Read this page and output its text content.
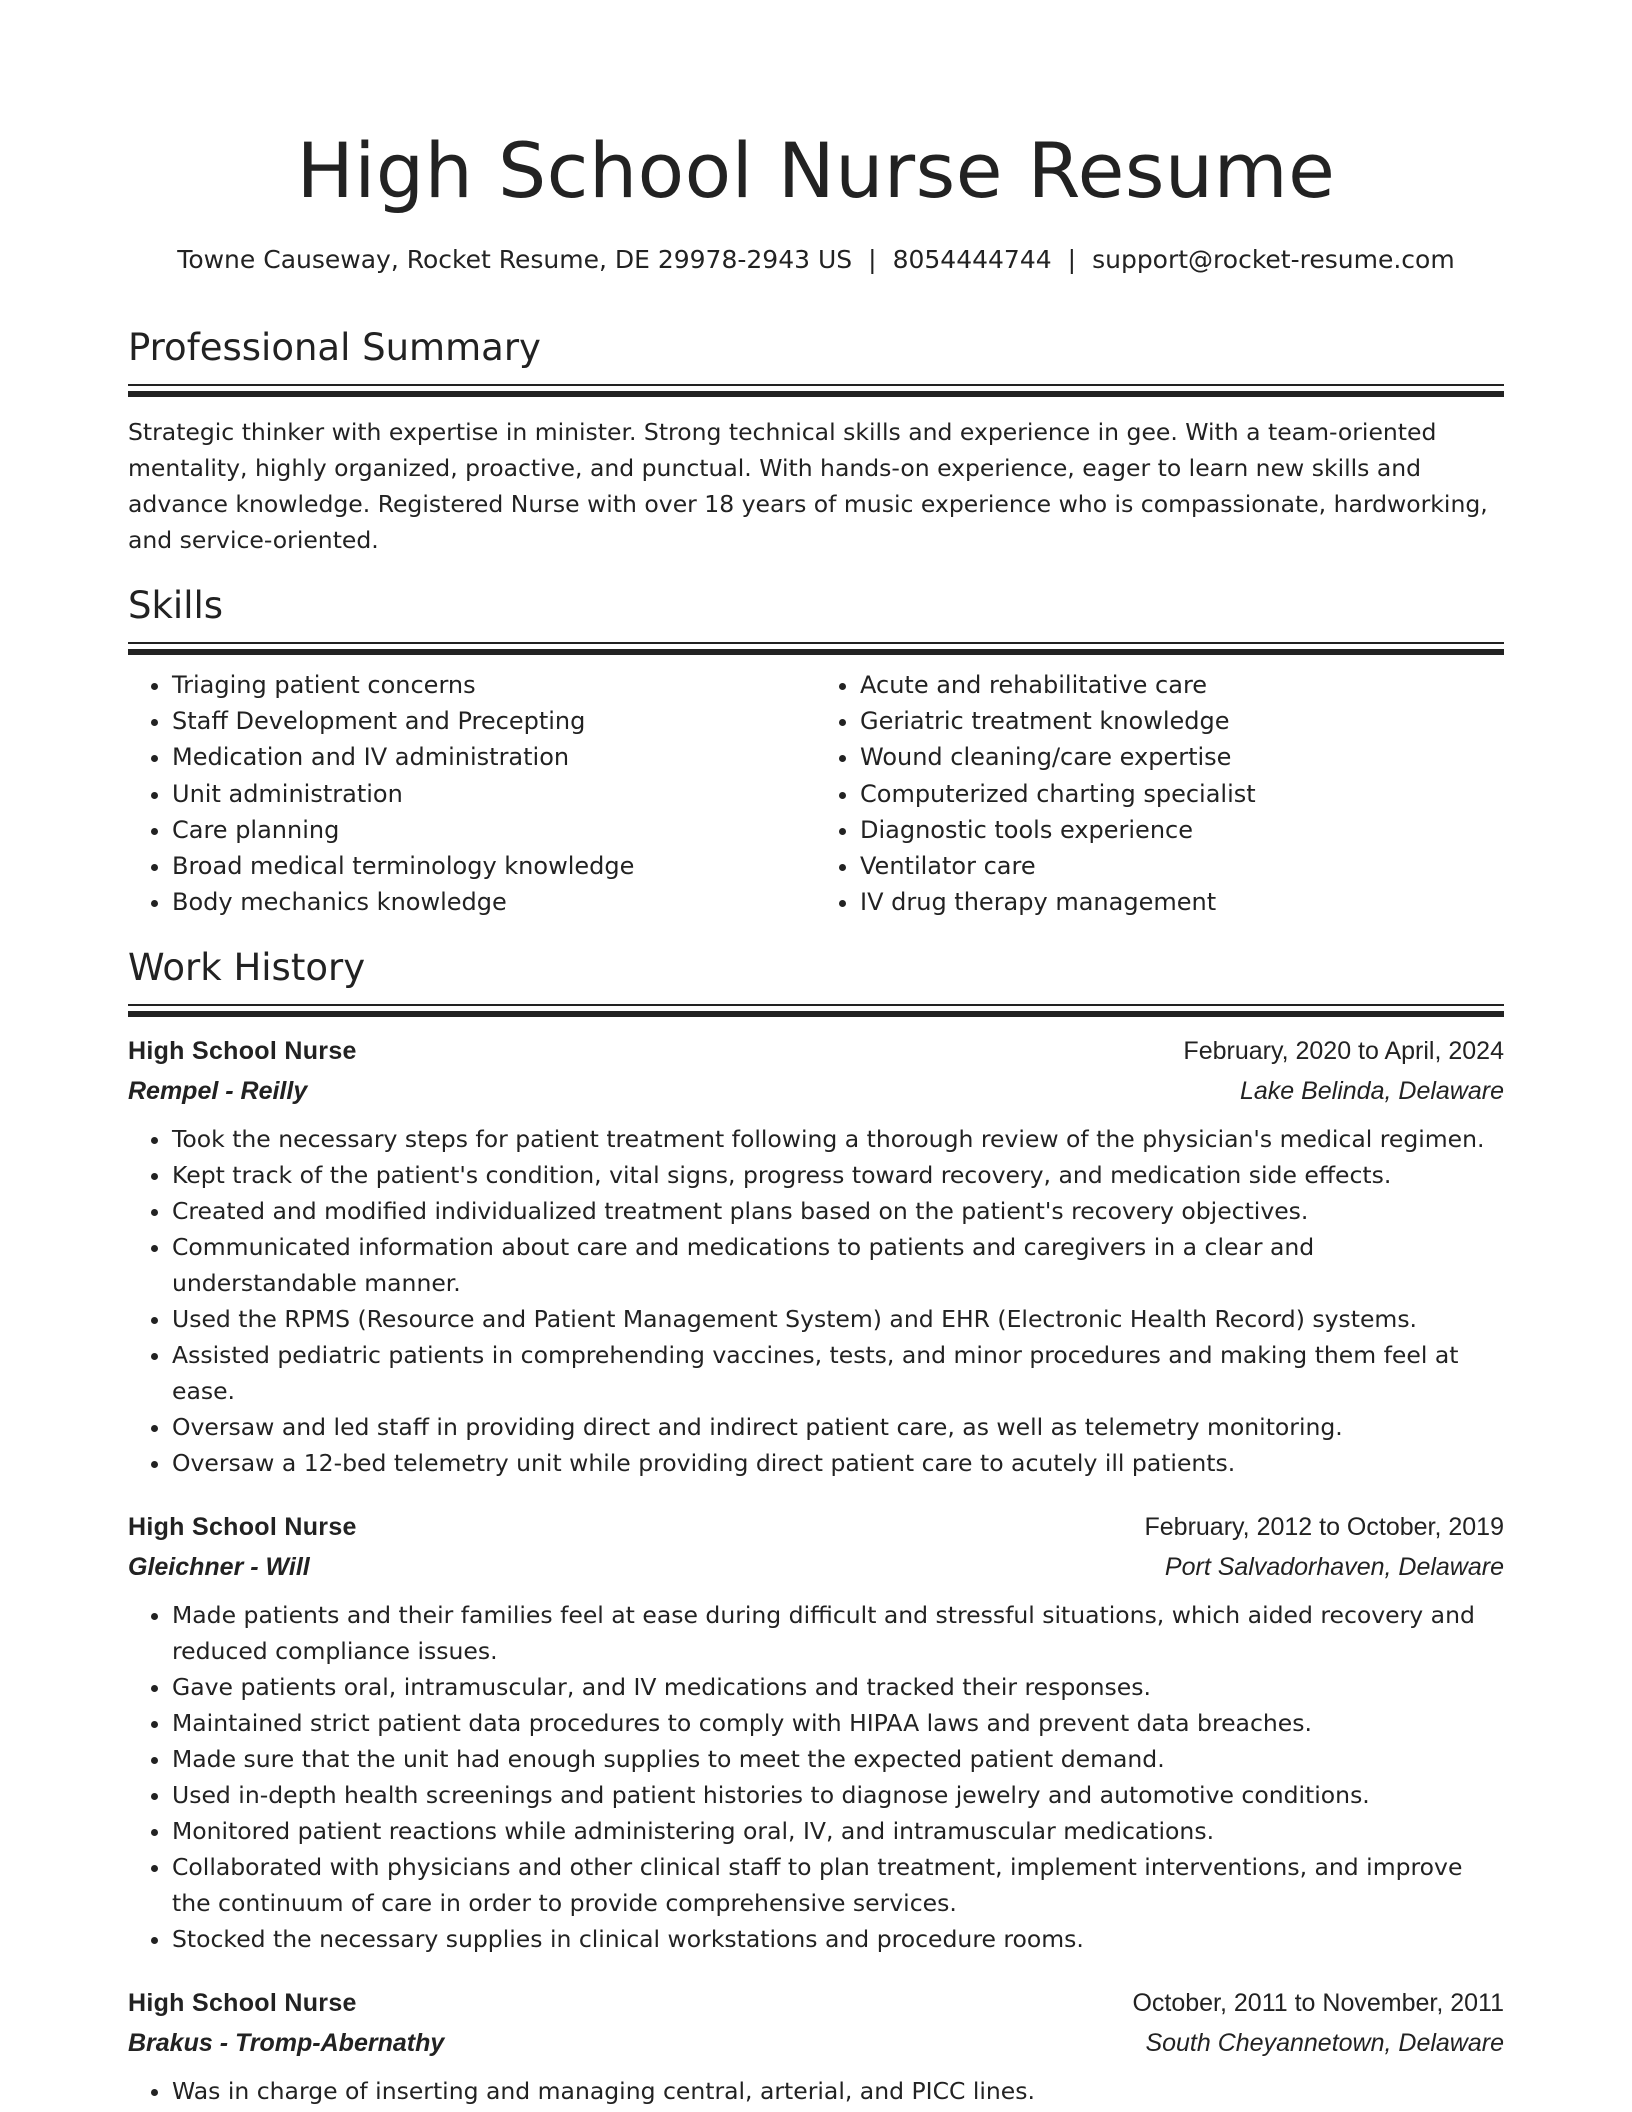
High School Nurse Resume
Towne Causeway, Rocket Resume, DE 29978-2943 US | 8054444744 | support@rocket-resume.com
Professional Summary

Strategic thinker with expertise in minister. Strong technical skills and experience in gee. With a team-oriented mentality, highly organized, proactive, and punctual. With hands-on experience, eager to learn new skills and advance knowledge. Registered Nurse with over 18 years of music experience who is compassionate, hardworking, and service-oriented.

Skills
• Triaging patient concerns
• Staff Development and Precepting
• Medication and IV administration
• Unit administration
• Care planning
• Broad medical terminology knowledge
• Body mechanics knowledge
• Acute and rehabilitative care
• Geriatric treatment knowledge
• Wound cleaning/care expertise
• Computerized charting specialist
• Diagnostic tools experience
• Ventilator care
• IV drug therapy management
Work History
High School Nurse	February, 2020 to April, 2024
Rempel - Reilly	Lake Belinda, Delaware
• Took the necessary steps for patient treatment following a thorough review of the physician's medical regimen.
• Kept track of the patient's condition, vital signs, progress toward recovery, and medication side effects.
• Created and modified individualized treatment plans based on the patient's recovery objectives.
• Communicated information about care and medications to patients and caregivers in a clear and understandable manner.
• Used the RPMS (Resource and Patient Management System) and EHR (Electronic Health Record) systems.
• Assisted pediatric patients in comprehending vaccines, tests, and minor procedures and making them feel at ease.
• Oversaw and led staff in providing direct and indirect patient care, as well as telemetry monitoring.
• Oversaw a 12-bed telemetry unit while providing direct patient care to acutely ill patients.
High School Nurse	February, 2012 to October, 2019
Gleichner - Will	Port Salvadorhaven, Delaware
• Made patients and their families feel at ease during difficult and stressful situations, which aided recovery and reduced compliance issues.
• Gave patients oral, intramuscular, and IV medications and tracked their responses.
• Maintained strict patient data procedures to comply with HIPAA laws and prevent data breaches.
• Made sure that the unit had enough supplies to meet the expected patient demand.
• Used in-depth health screenings and patient histories to diagnose jewelry and automotive conditions.
• Monitored patient reactions while administering oral, IV, and intramuscular medications.
• Collaborated with physicians and other clinical staff to plan treatment, implement interventions, and improve the continuum of care in order to provide comprehensive services.
• Stocked the necessary supplies in clinical workstations and procedure rooms.
High School Nurse	October, 2011 to November, 2011
Brakus - Tromp-Abernathy	South Cheyannetown, Delaware
• Was in charge of inserting and managing central, arterial, and PICC lines.
